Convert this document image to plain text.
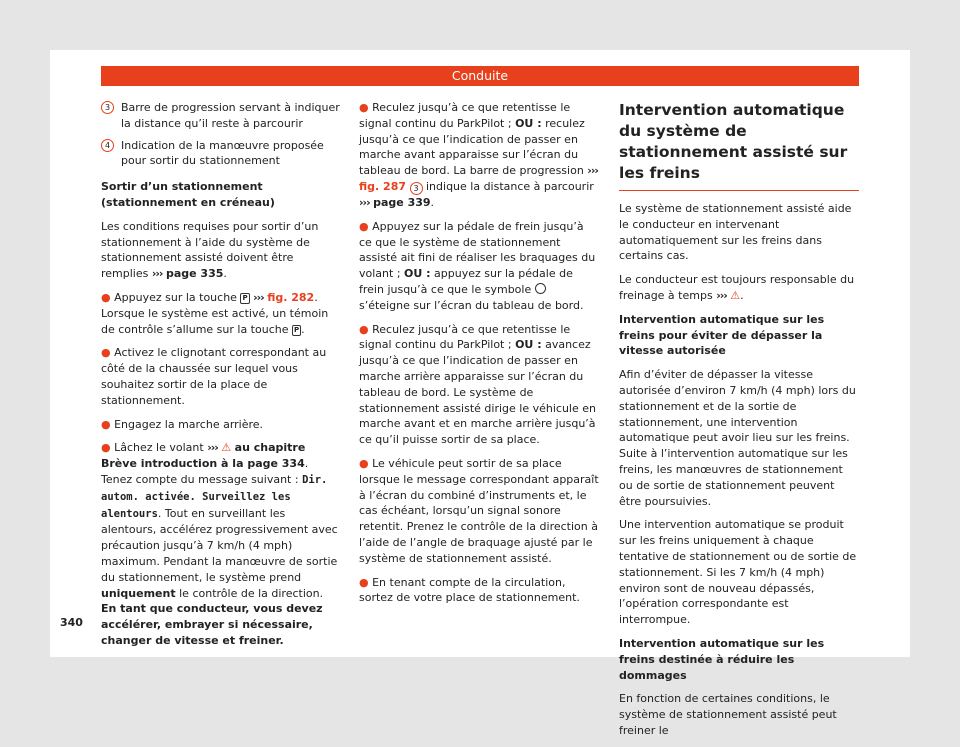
Conduite
3 Barre de progression servant à indiquer la distance qu’il reste à parcourir
4 Indication de la manœuvre proposée pour sortir du stationnement

Sortir d’un stationnement (stationnement en créneau)

Les conditions requises pour sortir d’un stationnement à l’aide du système de stationnement assisté doivent être remplies ››› page 335.

● Appuyez sur la touche P ››› fig. 282. Lorsque le système est activé, un témoin de contrôle s’allume sur la touche P .

● Activez le clignotant correspondant au côté de la chaussée sur lequel vous souhaitez sortir de la place de stationnement.

● Engagez la marche arrière.

● Lâchez le volant ››› ⚠ au chapitre Brève introduction à la page 334. Tenez compte du message suivant : Dir. autom. activée. Surveillez les alentours. Tout en surveillant les alentours, accélérez progressivement avec précaution jusqu’à 7 km/h (4 mph) maximum. Pendant la manœuvre de sortie du stationnement, le système prend uniquement le contrôle de la direction. En tant que conducteur, vous devez accélérer, embrayer si nécessaire, changer de vitesse et freiner.

● Reculez jusqu’à ce que retentisse le signal continu du ParkPilot ; OU : reculez jusqu’à ce que l’indication de passer en marche avant apparaisse sur l’écran du tableau de bord. La barre de progression ››› fig. 287 3 indique la distance à parcourir ››› page 339.

● Appuyez sur la pédale de frein jusqu’à ce que le système de stationnement assisté ait fini de réaliser les braquages du volant ; OU : appuyez sur la pédale de frein jusqu’à ce que le symbole  s’éteigne sur l’écran du tableau de bord.

● Reculez jusqu’à ce que retentisse le signal continu du ParkPilot ; OU : avancez jusqu’à ce que l’indication de passer en marche arrière apparaisse sur l’écran du tableau de bord. Le système de stationnement assisté dirige le véhicule en marche avant et en marche arrière jusqu’à ce qu’il puisse sortir de sa place.

● Le véhicule peut sortir de sa place lorsque le message correspondant apparaît à l’écran du combiné d’instruments et, le cas échéant, lorsqu’un signal sonore retentit. Prenez le contrôle de la direction à l’aide de l’angle de braquage ajusté par le système de stationnement assisté.

● En tenant compte de la circulation, sortez de votre place de stationnement.

Intervention automatique du système de stationnement assisté sur les freins

Le système de stationnement assisté aide le conducteur en intervenant automatiquement sur les freins dans certains cas.

Le conducteur est toujours responsable du freinage à temps ››› ⚠.

Intervention automatique sur les freins pour éviter de dépasser la vitesse autorisée

Afin d’éviter de dépasser la vitesse autorisée d’environ 7 km/h (4 mph) lors du stationnement et de la sortie de stationnement, une intervention automatique peut avoir lieu sur les freins. Suite à l’intervention automatique sur les freins, les manœuvres de stationnement ou de sortie de stationnement peuvent être poursuivies.

Une intervention automatique se produit sur les freins uniquement à chaque tentative de stationnement ou de sortie de stationnement. Si les 7 km/h (4 mph) environ sont de nouveau dépassés, l’opération correspondante est interrompue.

Intervention automatique sur les freins destinée à réduire les dommages

En fonction de certaines conditions, le système de stationnement assisté peut freiner le

340
